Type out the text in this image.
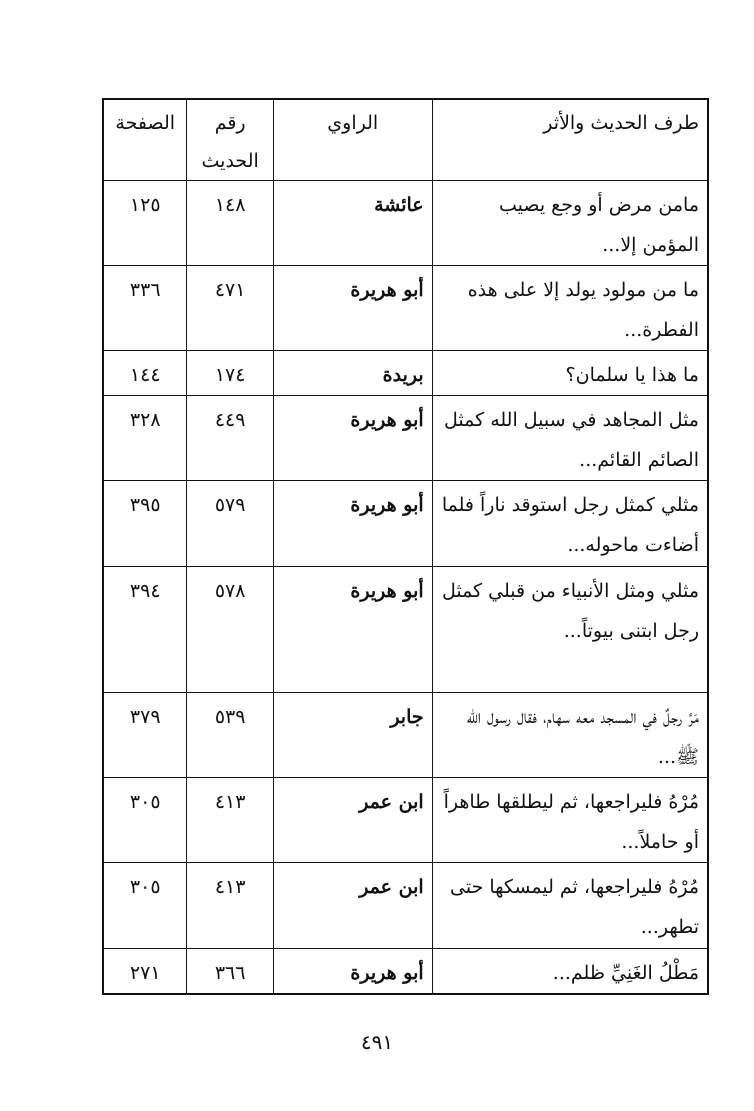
طرف الحديث والأثر	الراوي	رقم الحديث	الصفحة
مامن مرض أو وجع يصيب المؤمن إلا...	عائشة	١٤٨	١٢٥
ما من مولود يولد إلا على هذه الفطرة...	أبو هريرة	٤٧١	٣٣٦
ما هذا يا سلمان؟	بريدة	١٧٤	١٤٤
مثل المجاهد في سبيل الله كمثل الصائم القائم...	أبو هريرة	٤٤٩	٣٢٨
مثلي كمثل رجل استوقد ناراً فلما أضاءت ماحوله...	أبو هريرة	٥٧٩	٣٩٥
مثلي ومثل الأنبياء من قبلي كمثل رجل ابتنى بيوتاً...	أبو هريرة	٥٧٨	٣٩٤
مَرَّ رجلٌ في المسجد معه سهام، فقال رسول الله ﷺ...	جابر	٥٣٩	٣٧٩
مُرْهُ فليراجعها، ثم ليطلقها طاهراً أو حاملاً...	ابن عمر	٤١٣	٣٠٥
مُرْهُ فليراجعها، ثم ليمسكها حتى تطهر...	ابن عمر	٤١٣	٣٠٥
مَطْلُ الغَنِيِّ ظلم...	أبو هريرة	٣٦٦	٢٧١
٤٩١
